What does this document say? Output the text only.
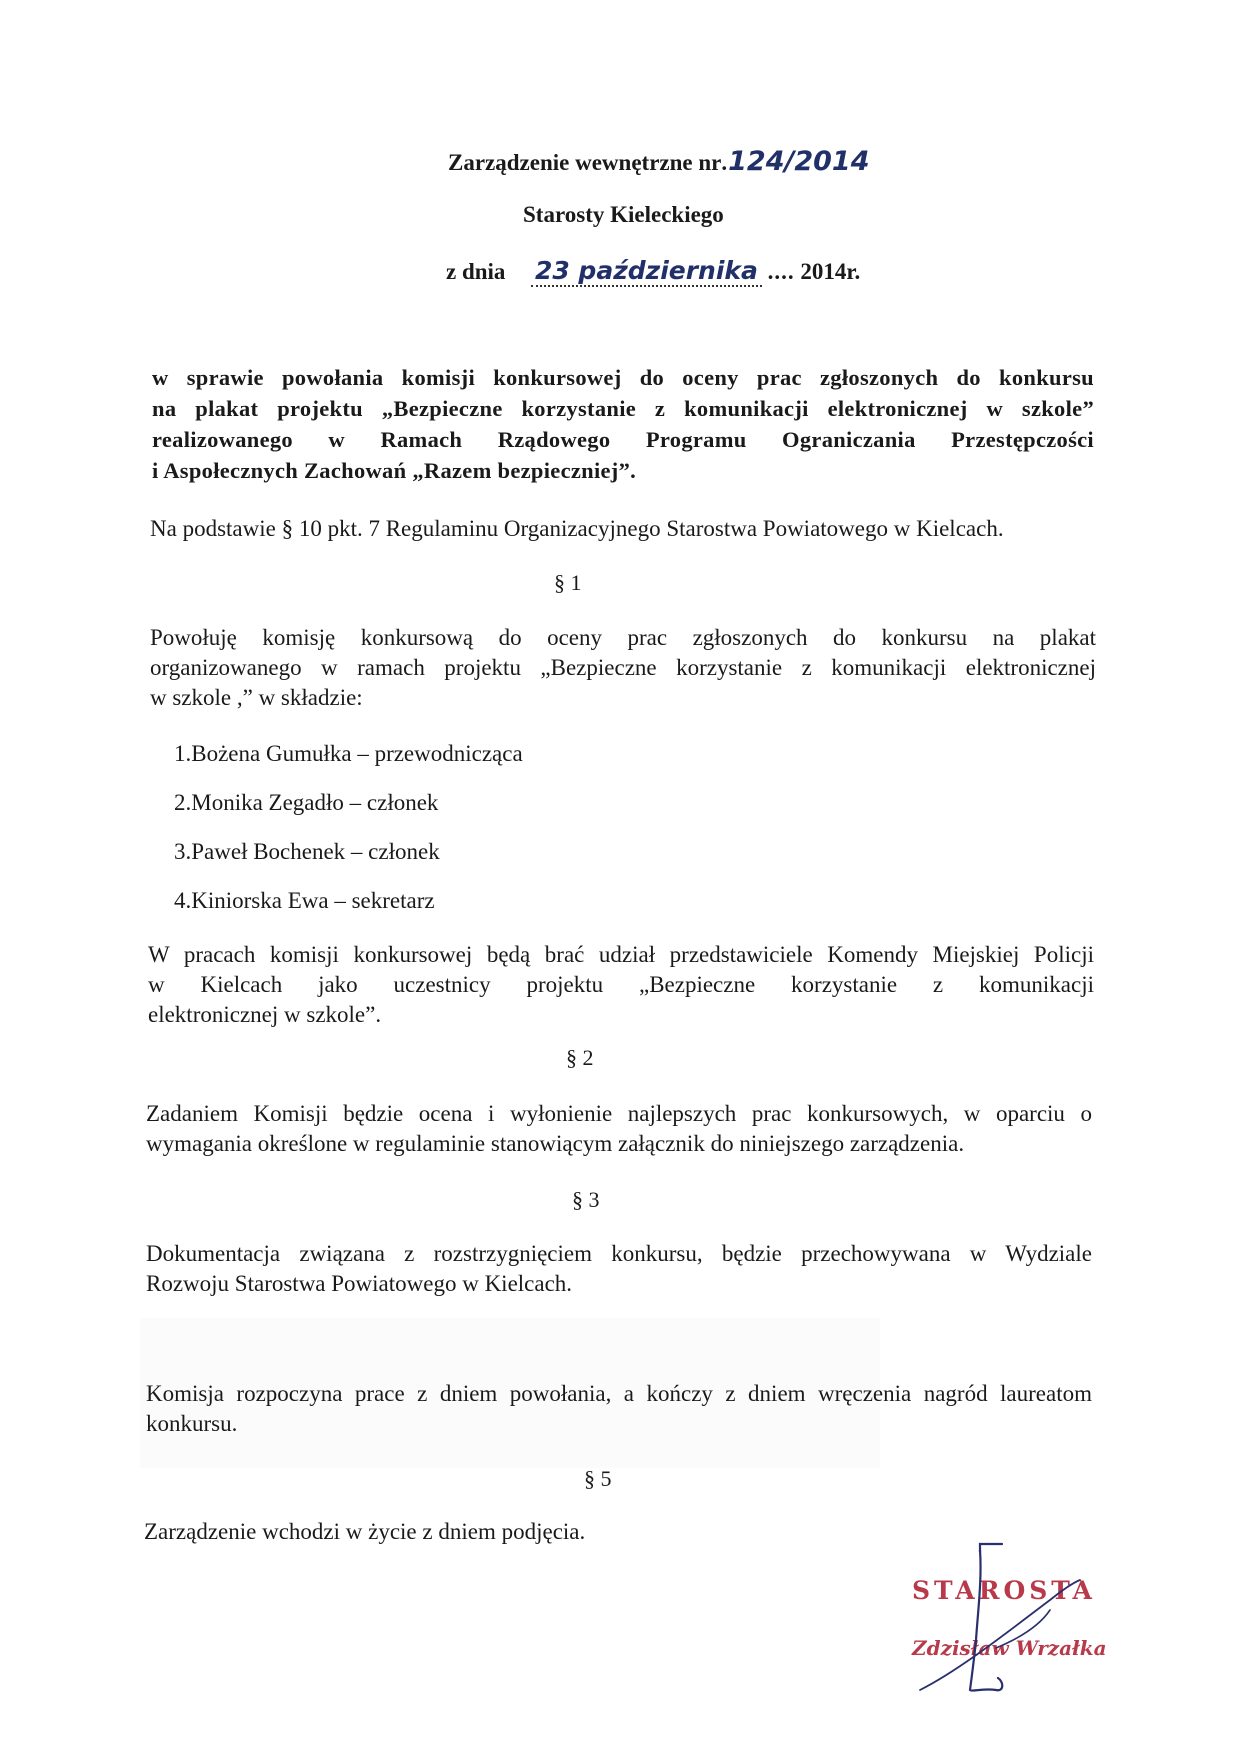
Zarządzenie wewnętrzne nr.124/2014
Starosty Kieleckiego
z dnia 23 października .... 2014r.
w sprawie powołania komisji konkursowej do oceny prac zgłoszonych do konkursu
na plakat projektu „Bezpieczne korzystanie z komunikacji elektronicznej w szkole”
realizowanego w Ramach Rządowego Programu Ograniczania Przestępczości
i Aspołecznych Zachowań „Razem bezpieczniej”.
Na podstawie § 10 pkt. 7 Regulaminu Organizacyjnego Starostwa Powiatowego w Kielcach.
§ 1
Powołuję komisję konkursową do oceny prac zgłoszonych do konkursu na plakat
organizowanego w ramach projektu „Bezpieczne korzystanie z komunikacji elektronicznej
w szkole ,” w składzie:
1.Bożena Gumułka – przewodnicząca
2.Monika Zegadło – członek
3.Paweł Bochenek – członek
4.Kiniorska Ewa – sekretarz
W pracach komisji konkursowej będą brać udział przedstawiciele Komendy Miejskiej Policji
w Kielcach jako uczestnicy projektu „Bezpieczne korzystanie z komunikacji
elektronicznej w szkole”.
§ 2
Zadaniem Komisji będzie ocena i wyłonienie najlepszych prac konkursowych, w oparciu o
wymagania określone w regulaminie stanowiącym załącznik do niniejszego zarządzenia.
§ 3
Dokumentacja związana z rozstrzygnięciem konkursu, będzie przechowywana w Wydziale
Rozwoju Starostwa Powiatowego w Kielcach.
Komisja rozpoczyna prace z dniem powołania, a kończy z dniem wręczenia nagród laureatom
konkursu.
§ 5
Zarządzenie wchodzi w życie z dniem podjęcia.
STAROSTA
Zdzisław Wrzałka
